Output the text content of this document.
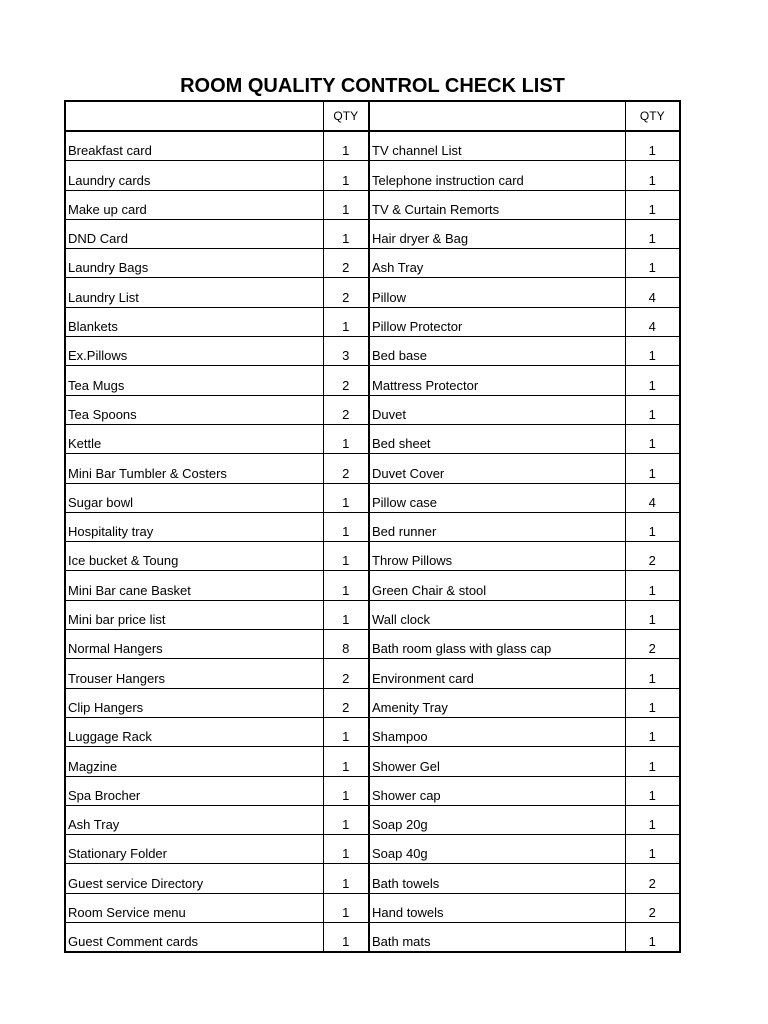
ROOM QUALITY CONTROL CHECK LIST
	QTY		QTY
Breakfast card	1	TV channel List	1
Laundry cards	1	Telephone instruction card	1
Make up card	1	TV & Curtain Remorts	1
DND Card	1	Hair dryer & Bag	1
Laundry Bags	2	Ash Tray	1
Laundry List	2	Pillow	4
Blankets	1	Pillow Protector	4
Ex.Pillows	3	Bed base	1
Tea Mugs	2	Mattress Protector	1
Tea Spoons	2	Duvet	1
Kettle	1	Bed sheet	1
Mini Bar Tumbler & Costers	2	Duvet Cover	1
Sugar bowl	1	Pillow case	4
Hospitality tray	1	Bed runner	1
Ice bucket & Toung	1	Throw Pillows	2
Mini Bar cane Basket	1	Green Chair & stool	1
Mini bar price list	1	Wall clock	1
Normal Hangers	8	Bath room glass with glass cap	2
Trouser Hangers	2	Environment card	1
Clip Hangers	2	Amenity Tray	1
Luggage Rack	1	Shampoo	1
Magzine	1	Shower Gel	1
Spa Brocher	1	Shower cap	1
Ash Tray	1	Soap 20g	1
Stationary Folder	1	Soap 40g	1
Guest service Directory	1	Bath towels	2
Room Service menu	1	Hand towels	2
Guest Comment cards	1	Bath mats	1
